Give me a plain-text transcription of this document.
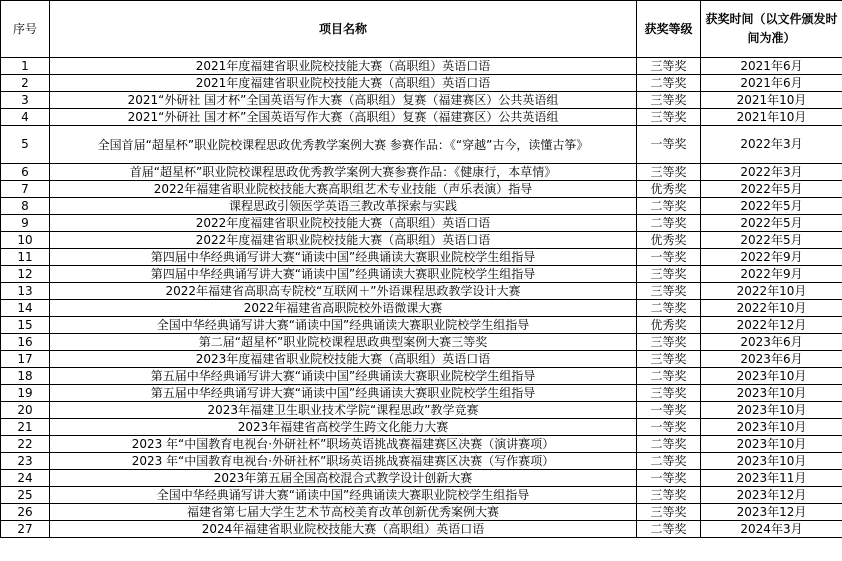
序号	项目名称	获奖等级	获奖时间（以文件颁发时间为准）
1	2021年度福建省职业院校技能大赛（高职组）英语口语	三等奖	2021年6月
2	2021年度福建省职业院校技能大赛（高职组）英语口语	二等奖	2021年6月
3	2021“外研社 国才杯”全国英语写作大赛（高职组）复赛（福建赛区）公共英语组	三等奖	2021年10月
4	2021“外研社 国才杯”全国英语写作大赛（高职组）复赛（福建赛区）公共英语组	三等奖	2021年10月
5	全国首届“超星杯”职业院校课程思政优秀教学案例大赛 参赛作品：《“穿越”古今，读懂古筝》	一等奖	2022年3月
6	首届“超星杯”职业院校课程思政优秀教学案例大赛参赛作品：《健康行，本草情》	三等奖	2022年3月
7	2022年福建省职业院校技能大赛高职组艺术专业技能（声乐表演）指导	优秀奖	2022年5月
8	课程思政引领医学英语三教改革探索与实践	二等奖	2022年5月
9	2022年度福建省职业院校技能大赛（高职组）英语口语	二等奖	2022年5月
10	2022年度福建省职业院校技能大赛（高职组）英语口语	优秀奖	2022年5月
11	第四届中华经典诵写讲大赛“诵读中国”经典诵读大赛职业院校学生组指导	一等奖	2022年9月
12	第四届中华经典诵写讲大赛“诵读中国”经典诵读大赛职业院校学生组指导	三等奖	2022年9月
13	2022年福建省高职高专院校“互联网＋”外语课程思政教学设计大赛	三等奖	2022年10月
14	2022年福建省高职院校外语微课大赛	二等奖	2022年10月
15	全国中华经典诵写讲大赛“诵读中国”经典诵读大赛职业院校学生组指导	优秀奖	2022年12月
16	第二届“超星杯”职业院校课程思政典型案例大赛三等奖	三等奖	2023年6月
17	2023年度福建省职业院校技能大赛（高职组）英语口语	三等奖	2023年6月
18	第五届中华经典诵写讲大赛“诵读中国”经典诵读大赛职业院校学生组指导	二等奖	2023年10月
19	第五届中华经典诵写讲大赛“诵读中国”经典诵读大赛职业院校学生组指导	三等奖	2023年10月
20	2023年福建卫生职业技术学院“课程思政”教学竞赛	一等奖	2023年10月
21	2023年福建省高校学生跨文化能力大赛	一等奖	2023年10月
22	2023 年“中国教育电视台·外研社杯”职场英语挑战赛福建赛区决赛（演讲赛项）	二等奖	2023年10月
23	2023 年“中国教育电视台·外研社杯”职场英语挑战赛福建赛区决赛（写作赛项）	二等奖	2023年10月
24	2023年第五届全国高校混合式教学设计创新大赛	一等奖	2023年11月
25	全国中华经典诵写讲大赛“诵读中国”经典诵读大赛职业院校学生组指导	三等奖	2023年12月
26	福建省第七届大学生艺术节高校美育改革创新优秀案例大赛	三等奖	2023年12月
27	2024年福建省职业院校技能大赛（高职组）英语口语	二等奖	2024年3月
